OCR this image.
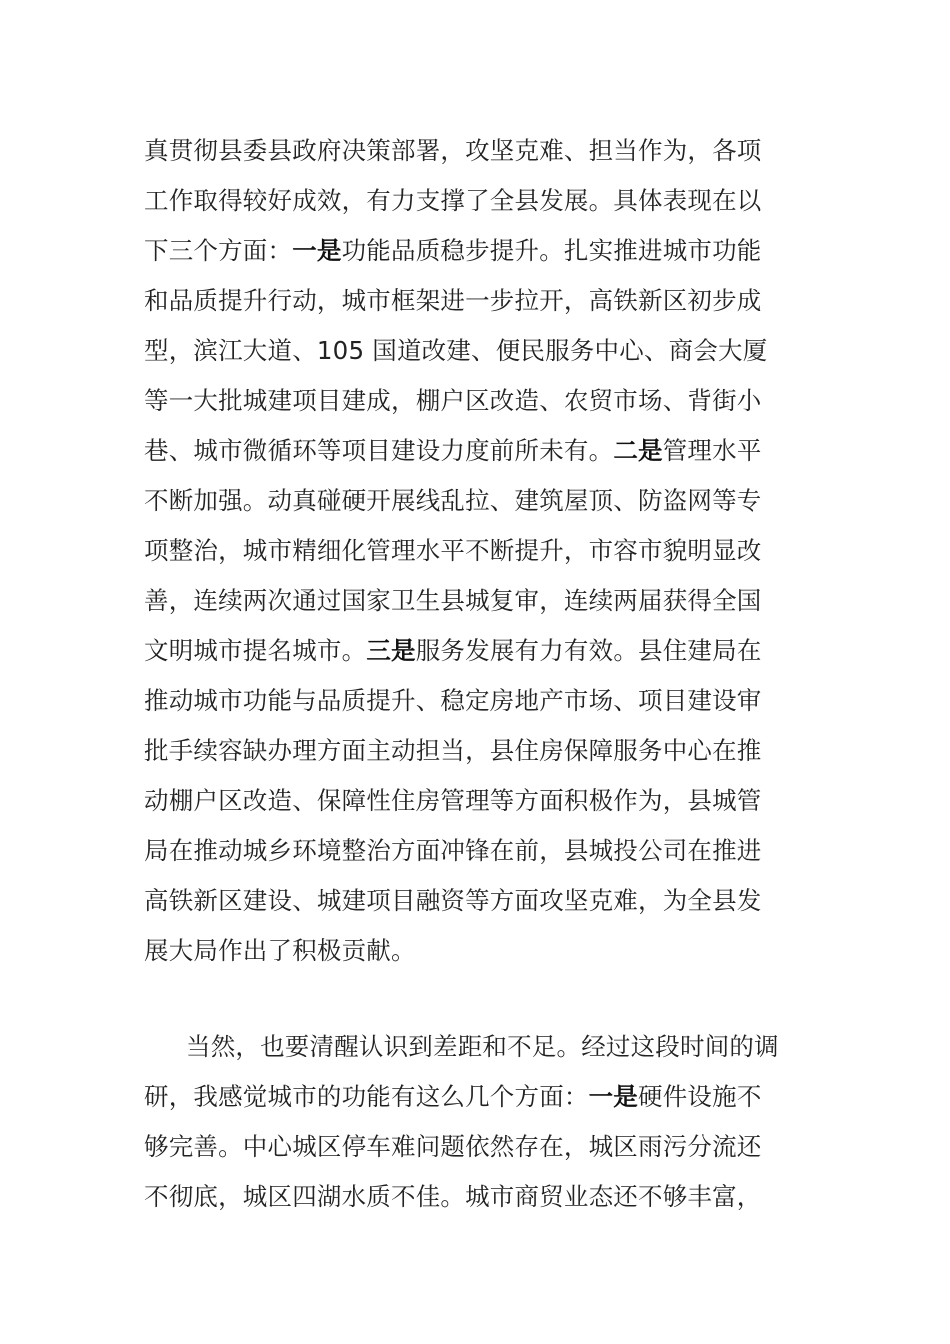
真贯彻县委县政府决策部署，攻坚克难、担当作为，各项
工作取得较好成效，有力支撑了全县发展。具体表现在以
下三个方面：一是功能品质稳步提升。扎实推进城市功能
和品质提升行动，城市框架进一步拉开，高铁新区初步成
型，滨江大道、105 国道改建、便民服务中心、商会大厦
等一大批城建项目建成，棚户区改造、农贸市场、背街小
巷、城市微循环等项目建设力度前所未有。二是管理水平
不断加强。动真碰硬开展线乱拉、建筑屋顶、防盗网等专
项整治，城市精细化管理水平不断提升，市容市貌明显改
善，连续两次通过国家卫生县城复审，连续两届获得全国
文明城市提名城市。三是服务发展有力有效。县住建局在
推动城市功能与品质提升、稳定房地产市场、项目建设审
批手续容缺办理方面主动担当，县住房保障服务中心在推
动棚户区改造、保障性住房管理等方面积极作为，县城管
局在推动城乡环境整治方面冲锋在前，县城投公司在推进
高铁新区建设、城建项目融资等方面攻坚克难，为全县发
展大局作出了积极贡献。
当然，也要清醒认识到差距和不足。经过这段时间的调
研，我感觉城市的功能有这么几个方面：一是硬件设施不
够完善。中心城区停车难问题依然存在，城区雨污分流还
不彻底，城区四湖水质不佳。城市商贸业态还不够丰富，
